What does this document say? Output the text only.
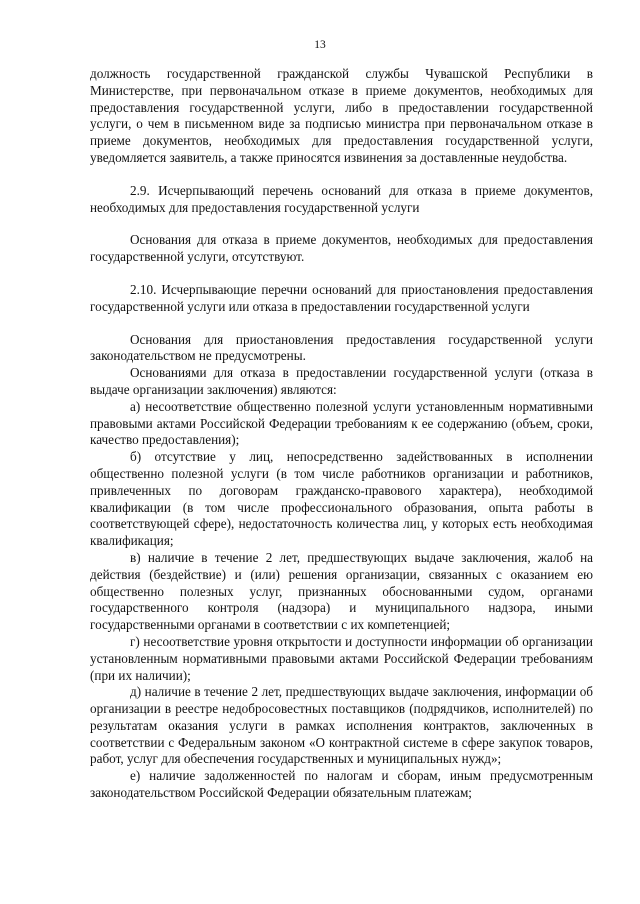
13

должность государственной гражданской службы Чувашской Республики в Министерстве, при первоначальном отказе в приеме документов, необходимых для предоставления государственной услуги, либо в предоставлении государственной услуги, о чем в письменном виде за подписью министра при первоначальном отказе в приеме документов, необходимых для предоставления государственной услуги, уведомляется заявитель, а также приносятся извинения за доставленные неудобства.

2.9. Исчерпывающий перечень оснований для отказа в приеме документов, необходимых для предоставления государственной услуги

Основания для отказа в приеме документов, необходимых для предоставления государственной услуги, отсутствуют.

2.10. Исчерпывающие перечни оснований для приостановления предоставления государственной услуги или отказа в предоставлении государственной услуги

Основания для приостановления предоставления государственной услуги законодательством не предусмотрены.

Основаниями для отказа в предоставлении государственной услуги (отказа в выдаче организации заключения) являются:

а) несоответствие общественно полезной услуги установленным нормативными правовыми актами Российской Федерации требованиям к ее содержанию (объем, сроки, качество предоставления);

б) отсутствие у лиц, непосредственно задействованных в исполнении общественно полезной услуги (в том числе работников организации и работников, привлеченных по договорам гражданско-правового характера), необходимой квалификации (в том числе профессионального образования, опыта работы в соответствующей сфере), недостаточность количества лиц, у которых есть необходимая квалификация;

в) наличие в течение 2 лет, предшествующих выдаче заключения, жалоб на действия (бездействие) и (или) решения организации, связанных с оказанием ею общественно полезных услуг, признанных обоснованными судом, органами государственного контроля (надзора) и муниципального надзора, иными государственными органами в соответствии с их компетенцией;

г) несоответствие уровня открытости и доступности информации об организации установленным нормативными правовыми актами Российской Федерации требованиям (при их наличии);

д) наличие в течение 2 лет, предшествующих выдаче заключения, информации об организации в реестре недобросовестных поставщиков (подрядчиков, исполнителей) по результатам оказания услуги в рамках исполнения контрактов, заключенных в соответствии с Федеральным законом «О контрактной системе в сфере закупок товаров, работ, услуг для обеспечения государственных и муниципальных нужд»;

е) наличие задолженностей по налогам и сборам, иным предусмотренным законодательством Российской Федерации обязательным платежам;
